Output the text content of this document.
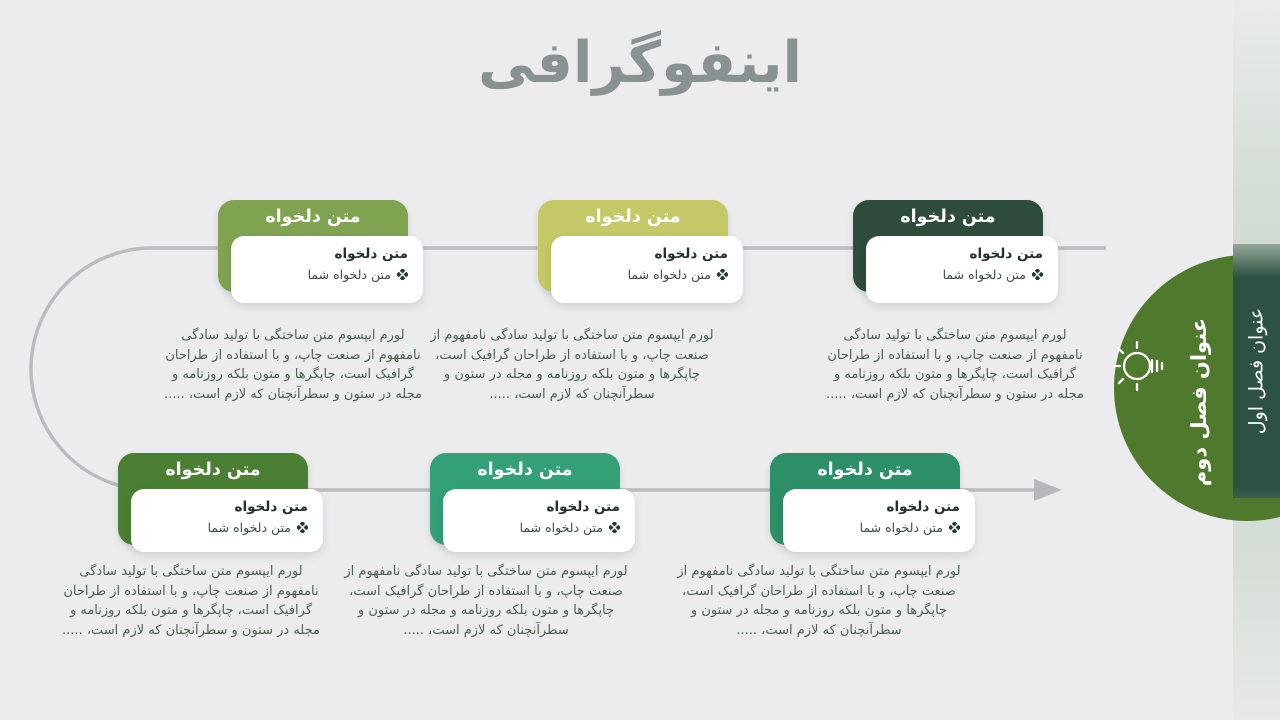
اینفوگرافی
عنوان فصل دوم عنوان فصل اول
متن دلخواه
متن دلخواه
متن دلخواه شما
متن دلخواه
متن دلخواه
متن دلخواه شما
متن دلخواه
متن دلخواه
متن دلخواه شما
متن دلخواه
متن دلخواه
متن دلخواه شما
متن دلخواه
متن دلخواه
متن دلخواه شما
متن دلخواه
متن دلخواه
متن دلخواه شما
لورم ایپسوم متن ساختگی با تولید سادگی نامفهوم از صنعت چاپ، و با استفاده از طراحان گرافیک است، چاپگرها و متون بلکه روزنامه و مجله در ستون و سطرآنچنان که لازم است، .....
لورم ایپسوم متن ساختگی با تولید سادگی نامفهوم از صنعت چاپ، و با استفاده از طراحان گرافیک است، چاپگرها و متون بلکه روزنامه و مجله در ستون و سطرآنچنان که لازم است، .....
لورم ایپسوم متن ساختگی با تولید سادگی نامفهوم از صنعت چاپ، و با استفاده از طراحان گرافیک است، چاپگرها و متون بلکه روزنامه و مجله در ستون و سطرآنچنان که لازم است، .....
لورم ایپسوم متن ساختگی با تولید سادگی نامفهوم از صنعت چاپ، و با استفاده از طراحان گرافیک است، چاپگرها و متون بلکه روزنامه و مجله در ستون و سطرآنچنان که لازم است، .....
لورم ایپسوم متن ساختگی با تولید سادگی نامفهوم از صنعت چاپ، و با استفاده از طراحان گرافیک است، چاپگرها و متون بلکه روزنامه و مجله در ستون و سطرآنچنان که لازم است، .....
لورم ایپسوم متن ساختگی با تولید سادگی نامفهوم از صنعت چاپ، و با استفاده از طراحان گرافیک است، چاپگرها و متون بلکه روزنامه و مجله در ستون و سطرآنچنان که لازم است، .....
